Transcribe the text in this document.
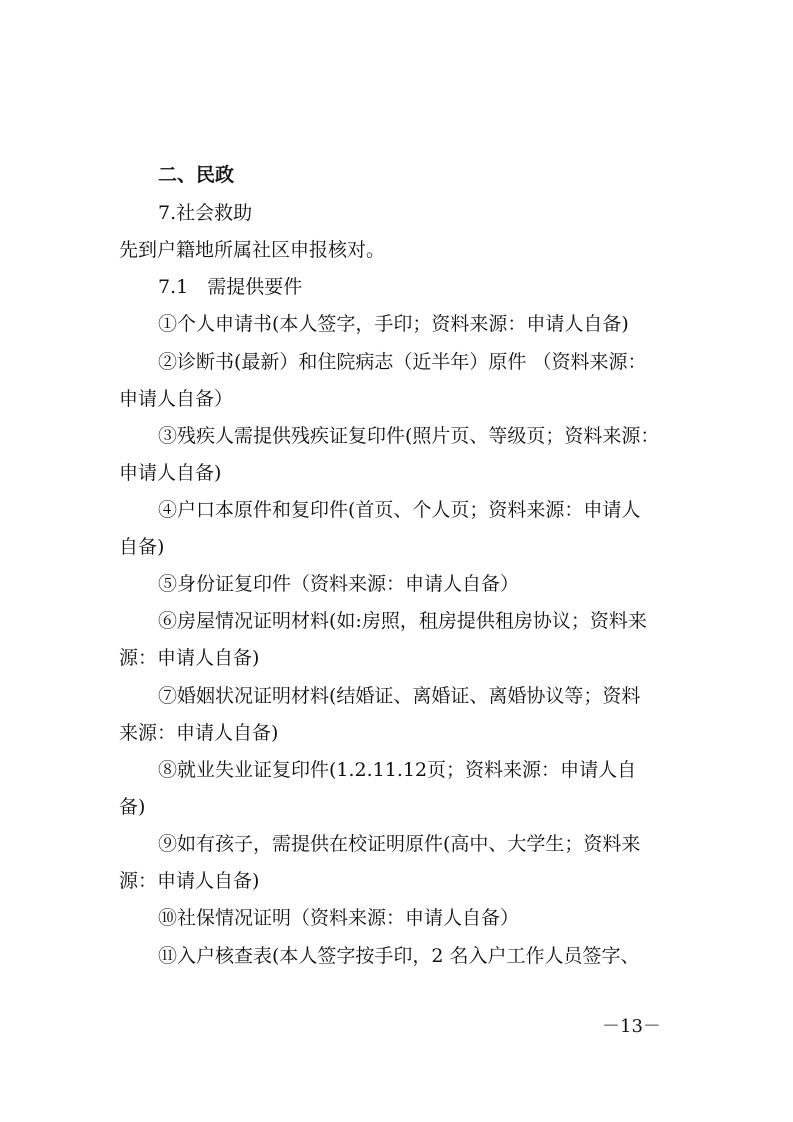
二、民政
7.社会救助
先到户籍地所属社区申报核对。
7.1　需提供要件
①个人申请书(本人签字，手印；资料来源：申请人自备)
②诊断书(最新）和住院病志（近半年）原件 （资料来源：
申请人自备）
③残疾人需提供残疾证复印件(照片页、等级页；资料来源：
申请人自备)
④户口本原件和复印件(首页、个人页；资料来源：申请人
自备)
⑤身份证复印件（资料来源：申请人自备）
⑥房屋情况证明材料(如:房照，租房提供租房协议；资料来
源：申请人自备)
⑦婚姻状况证明材料(结婚证、离婚证、离婚协议等；资料
来源：申请人自备)
⑧就业失业证复印件(1.2.11.12页；资料来源：申请人自
备)
⑨如有孩子，需提供在校证明原件(高中、大学生；资料来
源：申请人自备)
⑩社保情况证明（资料来源：申请人自备）
⑪入户核查表(本人签字按手印，2 名入户工作人员签字、
－13－
